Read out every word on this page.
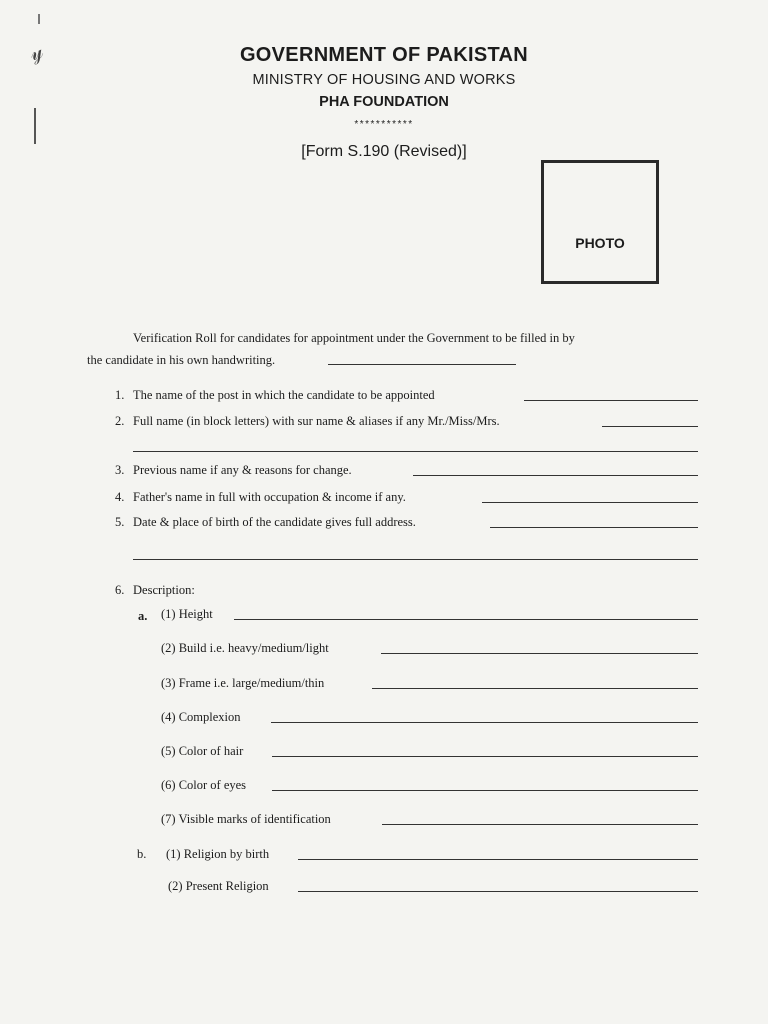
𝓎	GOVERNMENT OF PAKISTAN
MINISTRY OF HOUSING AND WORKS
PHA FOUNDATION
***********
[Form S.190 (Revised)]
PHOTO
Verification Roll for candidates for appointment under the Government to be filled in by
the candidate in his own handwriting.
1. The name of the post in which the candidate to be appointed
2. Full name (in block letters) with sur name & aliases if any Mr./Miss/Mrs.
3. Previous name if any & reasons for change.
4. Father's name in full with occupation & income if any.
5. Date & place of birth of the candidate gives full address.
6. Description:
a. (1) Height
(2) Build i.e. heavy/medium/light
(3) Frame i.e. large/medium/thin
(4) Complexion
(5) Color of hair
(6) Color of eyes
(7) Visible marks of identification
b. (1) Religion by birth
(2) Present Religion
